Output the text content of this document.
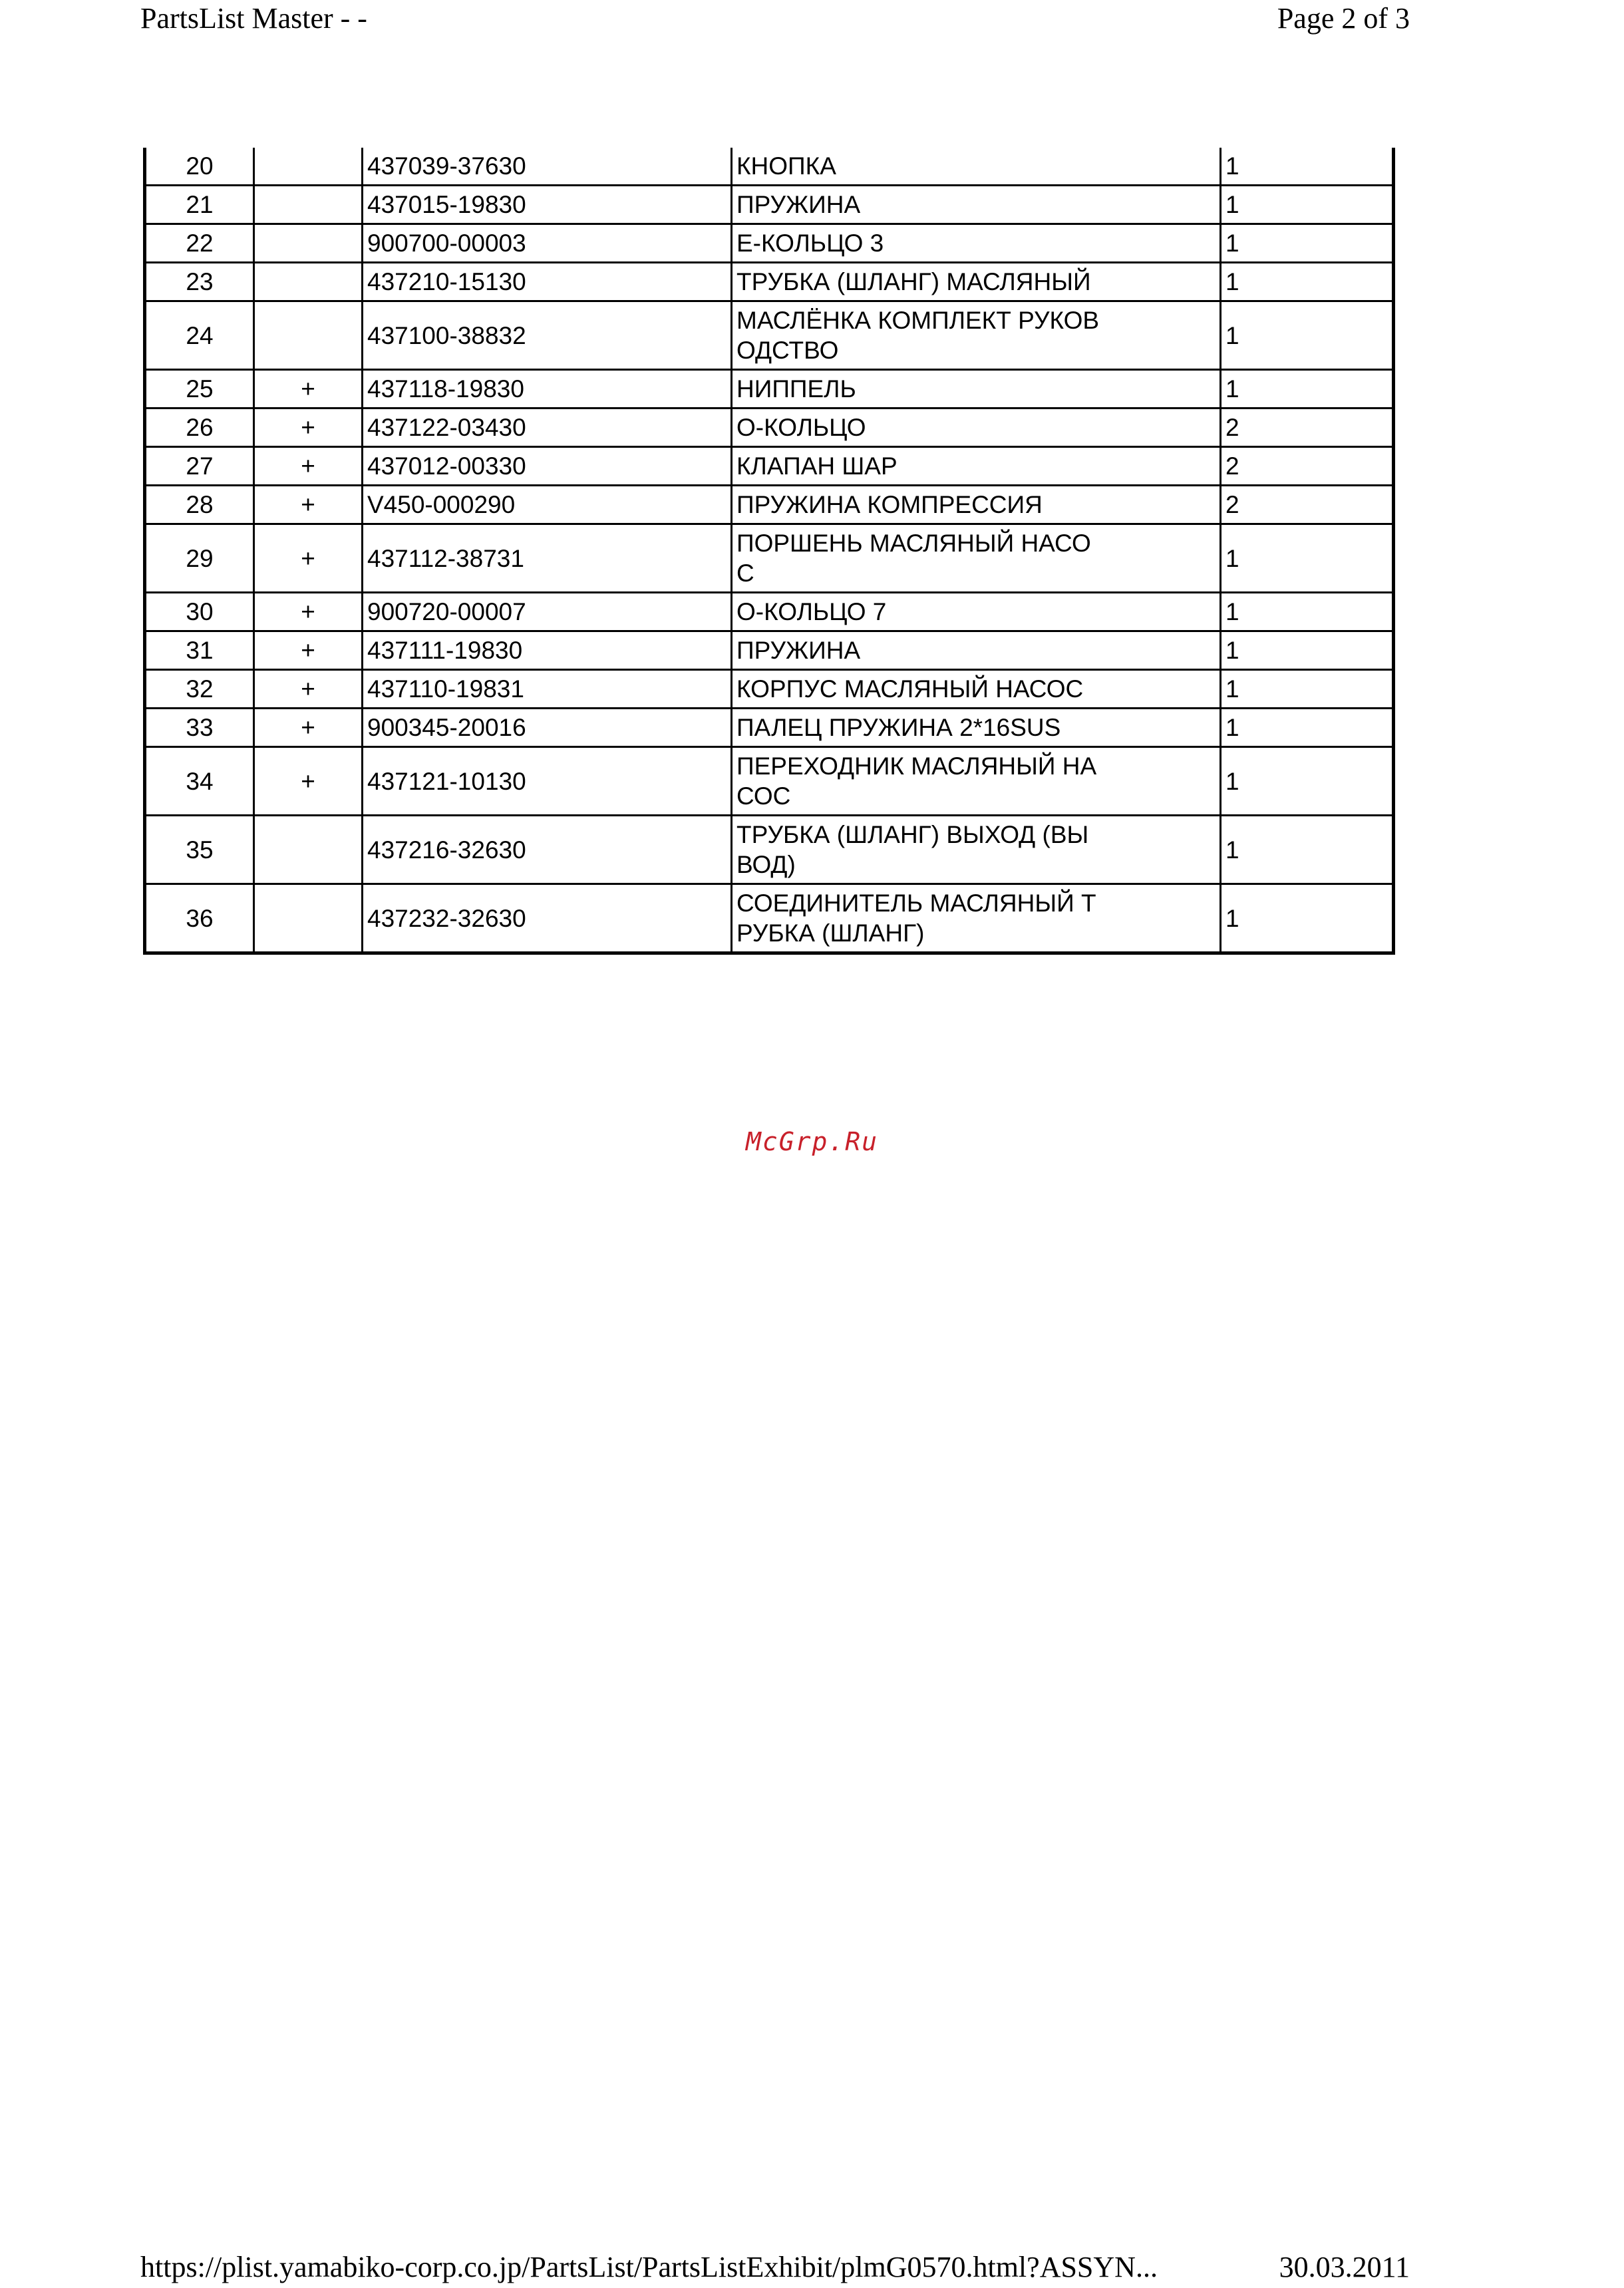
PartsList Master - -	Page 2 of 3
20		437039-37630	КНОПКА	1
21		437015-19830	ПРУЖИНА	1
22		900700-00003	Е-КОЛЬЦО 3	1
23		437210-15130	ТРУБКА (ШЛАНГ) МАСЛЯНЫЙ	1
24		437100-38832	МАСЛЁНКА КОМПЛЕКТ РУКОВ
ОДСТВО	1
25	+	437118-19830	НИППЕЛЬ	1
26	+	437122-03430	О-КОЛЬЦО	2
27	+	437012-00330	КЛАПАН ШАР	2
28	+	V450-000290	ПРУЖИНА КОМПРЕССИЯ	2
29	+	437112-38731	ПОРШЕНЬ МАСЛЯНЫЙ НАСО
С	1
30	+	900720-00007	О-КОЛЬЦО 7	1
31	+	437111-19830	ПРУЖИНА	1
32	+	437110-19831	КОРПУС МАСЛЯНЫЙ НАСОС	1
33	+	900345-20016	ПАЛЕЦ ПРУЖИНА 2*16SUS	1
34	+	437121-10130	ПЕРЕХОДНИК МАСЛЯНЫЙ НА
СОС	1
35		437216-32630	ТРУБКА (ШЛАНГ) ВЫХОД (ВЫ
ВОД)	1
36		437232-32630	СОЕДИНИТЕЛЬ МАСЛЯНЫЙ Т
РУБКА (ШЛАНГ)	1
McGrp.Ru
https://plist.yamabiko-corp.co.jp/PartsList/PartsListExhibit/plmG0570.html?ASSYN...	30.03.2011
